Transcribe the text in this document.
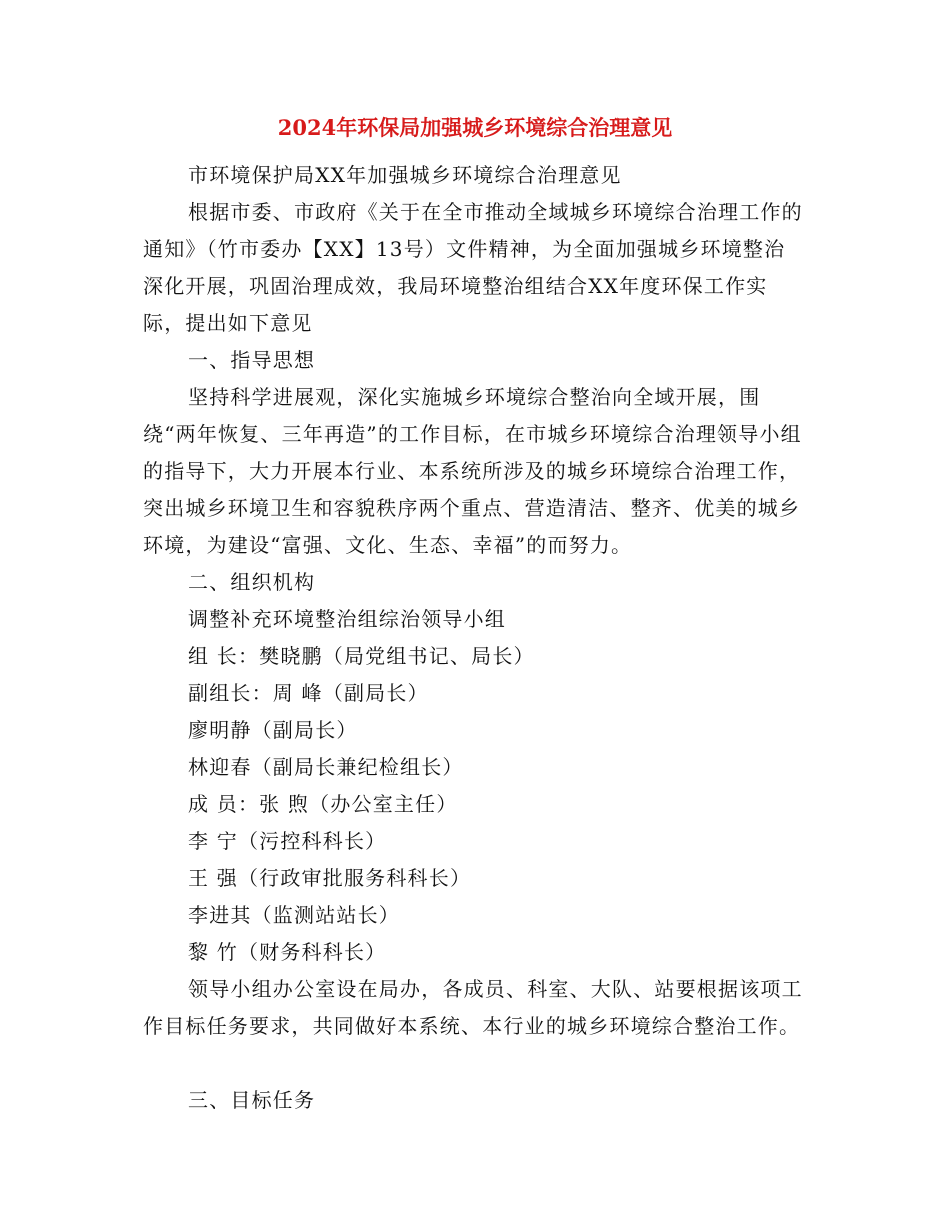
2024年环保局加强城乡环境综合治理意见
市环境保护局XX年加强城乡环境综合治理意见

根据市委、市政府《关于在全市推动全域城乡环境综合治理工作的通知》（竹市委办【XX】13号）文件精神，为全面加强城乡环境整治深化开展，巩固治理成效，我局环境整治组结合XX年度环保工作实际，提出如下意见

一、指导思想

坚持科学进展观，深化实施城乡环境综合整治向全域开展，围绕“两年恢复、三年再造”的工作目标，在市城乡环境综合治理领导小组的指导下，大力开展本行业、本系统所涉及的城乡环境综合治理工作，突出城乡环境卫生和容貌秩序两个重点、营造清洁、整齐、优美的城乡环境，为建设“富强、文化、生态、幸福”的而努力。

二、组织机构
调整补充环境整治组综治领导小组
组 长：樊晓鹏（局党组书记、局长）
副组长：周 峰（副局长）
廖明静（副局长）
林迎春（副局长兼纪检组长）
成 员：张 煦（办公室主任）
李 宁（污控科科长）
王 强（行政审批服务科科长）
李进其（监测站站长）
黎 竹（财务科科长）

领导小组办公室设在局办，各成员、科室、大队、站要根据该项工作目标任务要求，共同做好本系统、本行业的城乡环境综合整治工作。

三、目标任务
